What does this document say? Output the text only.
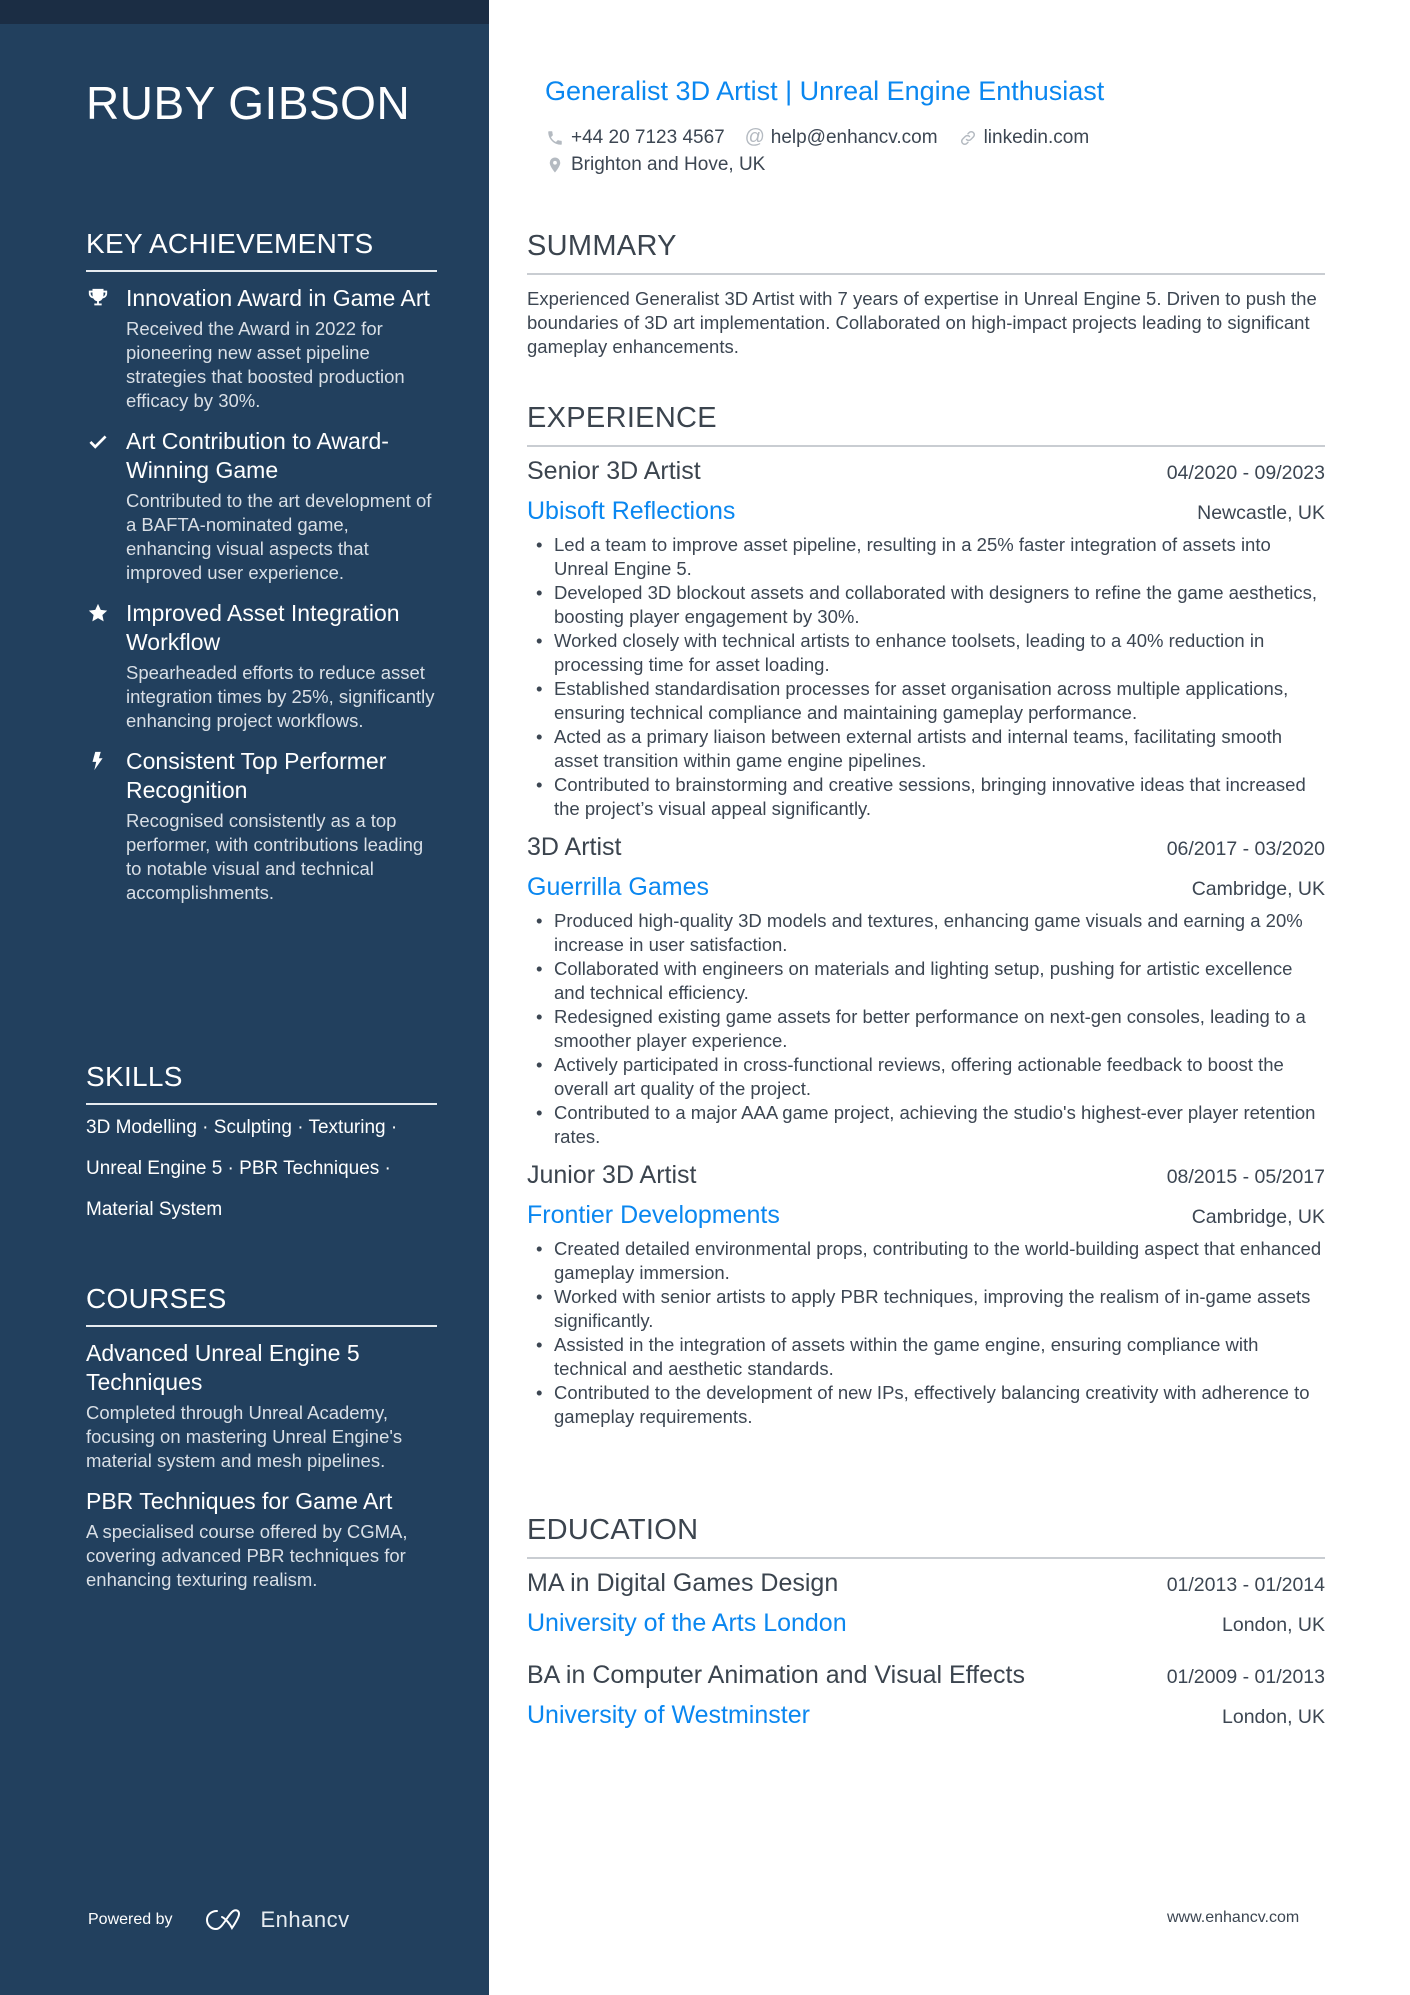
RUBY GIBSON
KEY ACHIEVEMENTS
Innovation Award in Game Art
Received the Award in 2022 for pioneering new asset pipeline strategies that boosted production efficacy by 30%.
Art Contribution to Award-Winning Game
Contributed to the art development of a BAFTA-nominated game, enhancing visual aspects that improved user experience.
Improved Asset Integration Workflow
Spearheaded efforts to reduce asset integration times by 25%, significantly enhancing project workflows.
Consistent Top Performer Recognition
Recognised consistently as a top performer, with contributions leading to notable visual and technical accomplishments.
SKILLS
3D Modelling · Sculpting · Texturing ·
Unreal Engine 5 · PBR Techniques ·
Material System
COURSES
Advanced Unreal Engine 5 Techniques
Completed through Unreal Academy, focusing on mastering Unreal Engine's material system and mesh pipelines.
PBR Techniques for Game Art
A specialised course offered by CGMA, covering advanced PBR techniques for enhancing texturing realism.
Powered by	Enhancv
Generalist 3D Artist | Unreal Engine Enthusiast
+44 20 7123 4567 @ help@enhancv.com linkedin.com
Brighton and Hove, UK
SUMMARY

Experienced Generalist 3D Artist with 7 years of expertise in Unreal Engine 5. Driven to push the boundaries of 3D art implementation. Collaborated on high-impact projects leading to significant gameplay enhancements.

EXPERIENCE
Senior 3D Artist	04/2020 - 09/2023
Ubisoft Reflections	Newcastle, UK
• Led a team to improve asset pipeline, resulting in a 25% faster integration of assets into Unreal Engine 5.
• Developed 3D blockout assets and collaborated with designers to refine the game aesthetics, boosting player engagement by 30%.
• Worked closely with technical artists to enhance toolsets, leading to a 40% reduction in processing time for asset loading.
• Established standardisation processes for asset organisation across multiple applications, ensuring technical compliance and maintaining gameplay performance.
• Acted as a primary liaison between external artists and internal teams, facilitating smooth asset transition within game engine pipelines.
• Contributed to brainstorming and creative sessions, bringing innovative ideas that increased the project’s visual appeal significantly.
3D Artist	06/2017 - 03/2020
Guerrilla Games	Cambridge, UK
• Produced high-quality 3D models and textures, enhancing game visuals and earning a 20% increase in user satisfaction.
• Collaborated with engineers on materials and lighting setup, pushing for artistic excellence and technical efficiency.
• Redesigned existing game assets for better performance on next-gen consoles, leading to a smoother player experience.
• Actively participated in cross-functional reviews, offering actionable feedback to boost the overall art quality of the project.
• Contributed to a major AAA game project, achieving the studio's highest-ever player retention rates.
Junior 3D Artist	08/2015 - 05/2017
Frontier Developments	Cambridge, UK
• Created detailed environmental props, contributing to the world-building aspect that enhanced gameplay immersion.
• Worked with senior artists to apply PBR techniques, improving the realism of in-game assets significantly.
• Assisted in the integration of assets within the game engine, ensuring compliance with technical and aesthetic standards.
• Contributed to the development of new IPs, effectively balancing creativity with adherence to gameplay requirements.
EDUCATION
MA in Digital Games Design	01/2013 - 01/2014
University of the Arts London	London, UK
BA in Computer Animation and Visual Effects	01/2009 - 01/2013
University of Westminster	London, UK
www.enhancv.com
